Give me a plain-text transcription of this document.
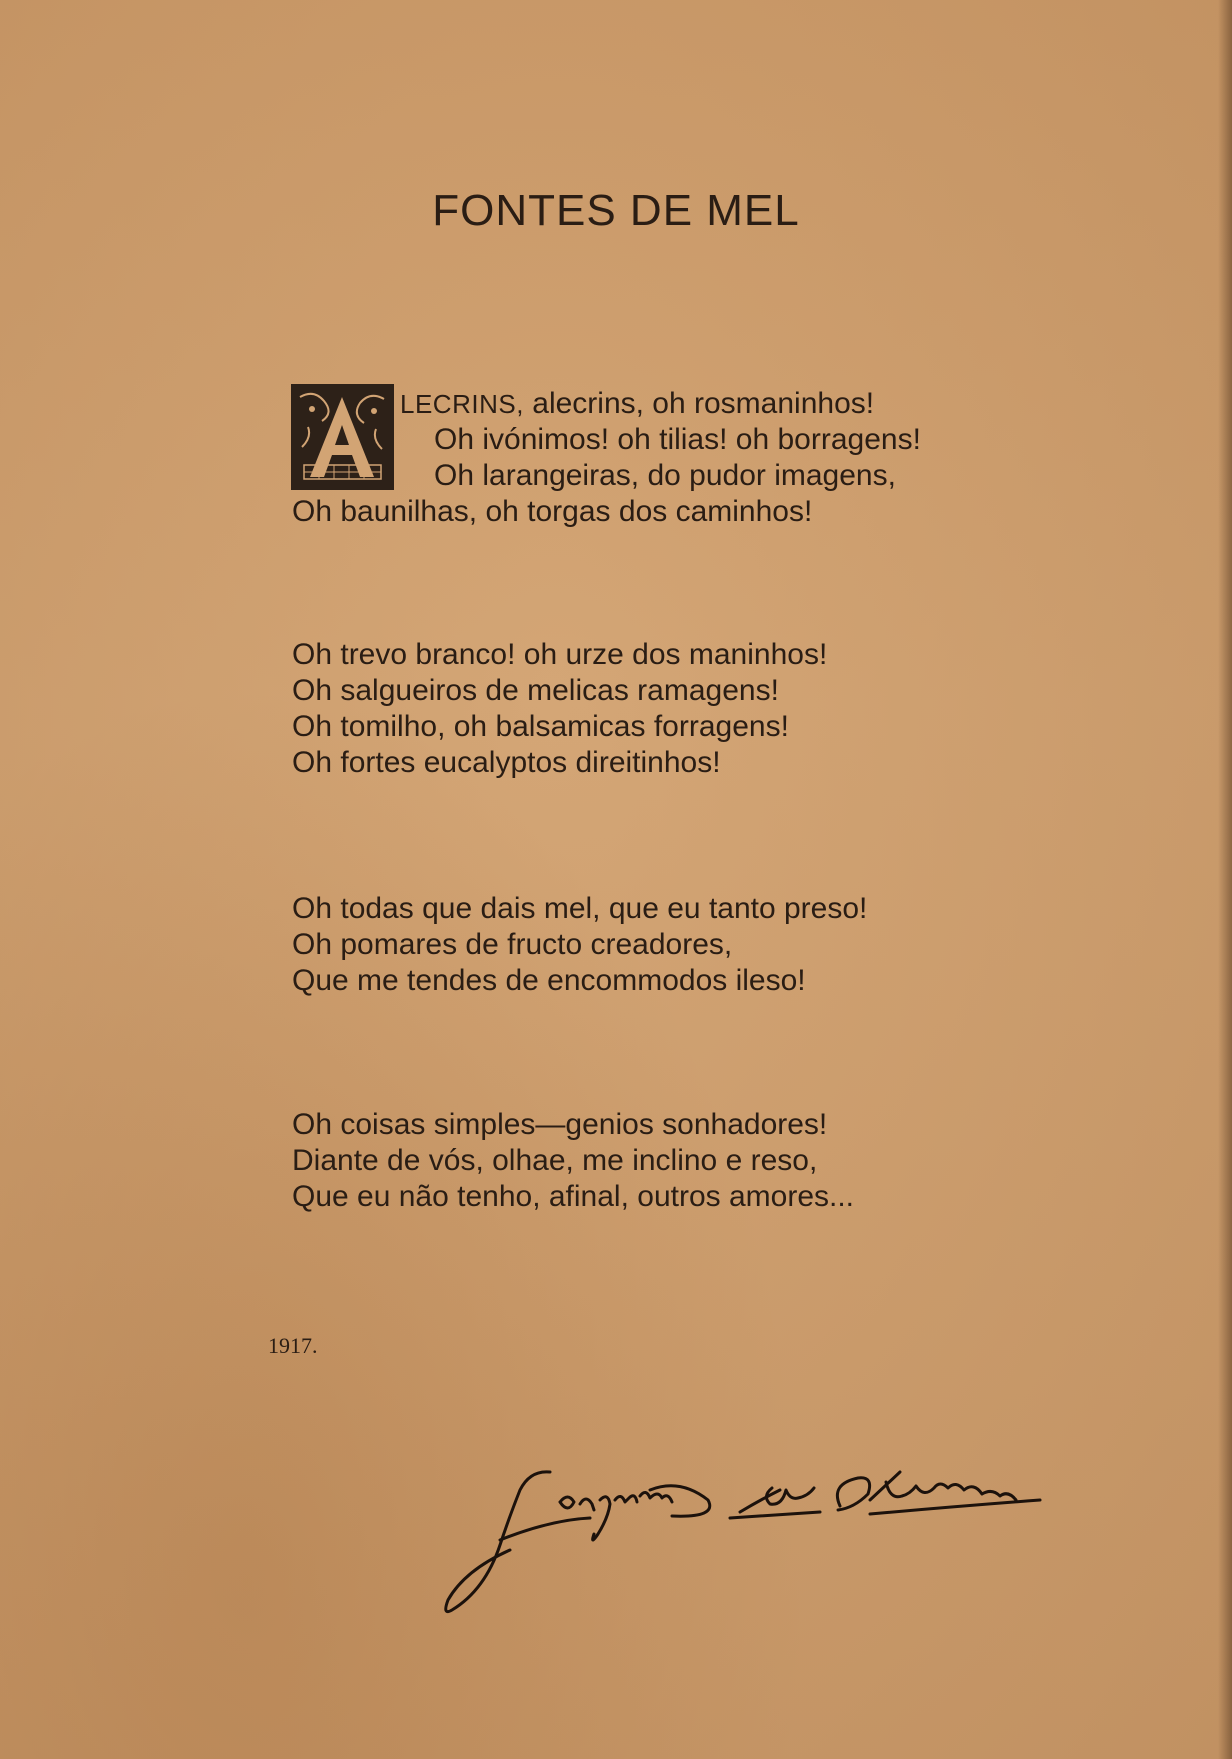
FONTES DE MEL
LECRINS, alecrins, oh rosmaninhos!
Oh ivónimos! oh tilias! oh borragens!
Oh larangeiras, do pudor imagens,
Oh baunilhas, oh torgas dos caminhos!
Oh trevo branco! oh urze dos maninhos!
Oh salgueiros de melicas ramagens!
Oh tomilho, oh balsamicas forragens!
Oh fortes eucalyptos direitinhos!
Oh todas que dais mel, que eu tanto preso!
Oh pomares de fructo creadores,
Que me tendes de encommodos ileso!
Oh coisas simples—genios sonhadores!
Diante de vós, olhae, me inclino e reso,
Que eu não tenho, afinal, outros amores...
1917.
